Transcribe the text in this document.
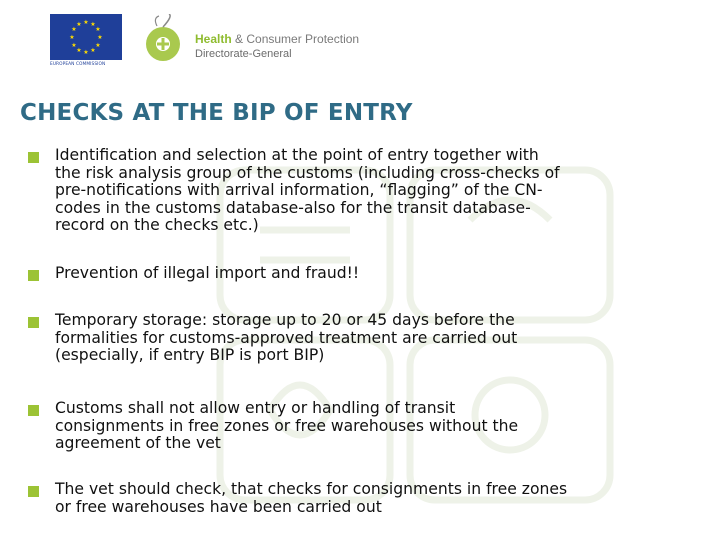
★ ★
★
★
★
★
★
★
★
★
★
★
EUROPEAN COMMISSION
Health & Consumer Protection
Directorate-General
CHECKS AT THE BIP OF ENTRY
Identification and selection at the point of entry together with
the risk analysis group of the customs (including cross-checks of
pre-notifications with arrival information, “flagging” of the CN-
codes in the customs database-also for the transit database-
record on the checks etc.)
Prevention of illegal import and fraud!!
Temporary storage: storage up to 20 or 45 days before the
formalities for customs-approved treatment are carried out
(especially, if entry BIP is port BIP)
Customs shall not allow entry or handling of transit
consignments in free zones or free warehouses without the
agreement of the vet
The vet should check, that checks for consignments in free zones
or free warehouses have been carried out
